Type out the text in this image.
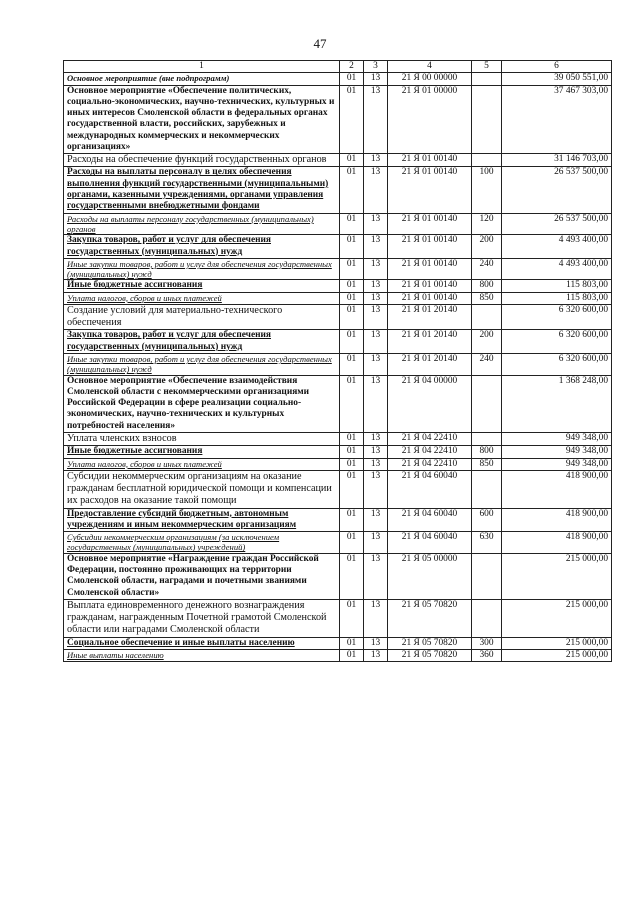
47
1	2	3	4	5	6
Основное мероприятие (вне подпрограмм)	01	13	21 Я 00 00000		39 050 551,00
Основное мероприятие «Обеспечение политических, социально-экономических, научно-технических, культурных и иных интересов Смоленской области в федеральных органах государственной власти, российских, зарубежных и международных коммерческих и некоммерческих организациях»	01	13	21 Я 01 00000		37 467 303,00
Расходы на обеспечение функций государственных органов	01	13	21 Я 01 00140		31 146 703,00
Расходы на выплаты персоналу в целях обеспечения выполнения функций государственными (муниципальными) органами, казенными учреждениями, органами управления государственными внебюджетными фондами	01	13	21 Я 01 00140	100	26 537 500,00
Расходы на выплаты персоналу государственных (муниципальных) органов	01	13	21 Я 01 00140	120	26 537 500,00
Закупка товаров, работ и услуг для обеспечения государственных (муниципальных) нужд	01	13	21 Я 01 00140	200	4 493 400,00
Иные закупки товаров, работ и услуг для обеспечения государственных (муниципальных) нужд	01	13	21 Я 01 00140	240	4 493 400,00
Иные бюджетные ассигнования	01	13	21 Я 01 00140	800	115 803,00
Уплата налогов, сборов и иных платежей	01	13	21 Я 01 00140	850	115 803,00
Создание условий для материально-технического обеспечения	01	13	21 Я 01 20140		6 320 600,00
Закупка товаров, работ и услуг для обеспечения государственных (муниципальных) нужд	01	13	21 Я 01 20140	200	6 320 600,00
Иные закупки товаров, работ и услуг для обеспечения государственных (муниципальных) нужд	01	13	21 Я 01 20140	240	6 320 600,00
Основное мероприятие «Обеспечение взаимодействия Смоленской области с некоммерческими организациями Российской Федерации в сфере реализации социально-экономических, научно-технических и культурных потребностей населения»	01	13	21 Я 04 00000		1 368 248,00
Уплата членских взносов	01	13	21 Я 04 22410		949 348,00
Иные бюджетные ассигнования	01	13	21 Я 04 22410	800	949 348,00
Уплата налогов, сборов и иных платежей	01	13	21 Я 04 22410	850	949 348,00
Субсидии некоммерческим организациям на оказание гражданам бесплатной юридической помощи и компенсации их расходов на оказание такой помощи	01	13	21 Я 04 60040		418 900,00
Предоставление субсидий бюджетным, автономным учреждениям и иным некоммерческим организациям	01	13	21 Я 04 60040	600	418 900,00
Субсидии некоммерческим организациям (за исключением государственных (муниципальных) учреждений)	01	13	21 Я 04 60040	630	418 900,00
Основное мероприятие «Награждение граждан Российской Федерации, постоянно проживающих на территории Смоленской области, наградами и почетными званиями Смоленской области»	01	13	21 Я 05 00000		215 000,00
Выплата единовременного денежного вознаграждения гражданам, награжденным Почетной грамотой Смоленской области или наградами Смоленской области	01	13	21 Я 05 70820		215 000,00
Социальное обеспечение и иные выплаты населению	01	13	21 Я 05 70820	300	215 000,00
Иные выплаты населению	01	13	21 Я 05 70820	360	215 000,00
